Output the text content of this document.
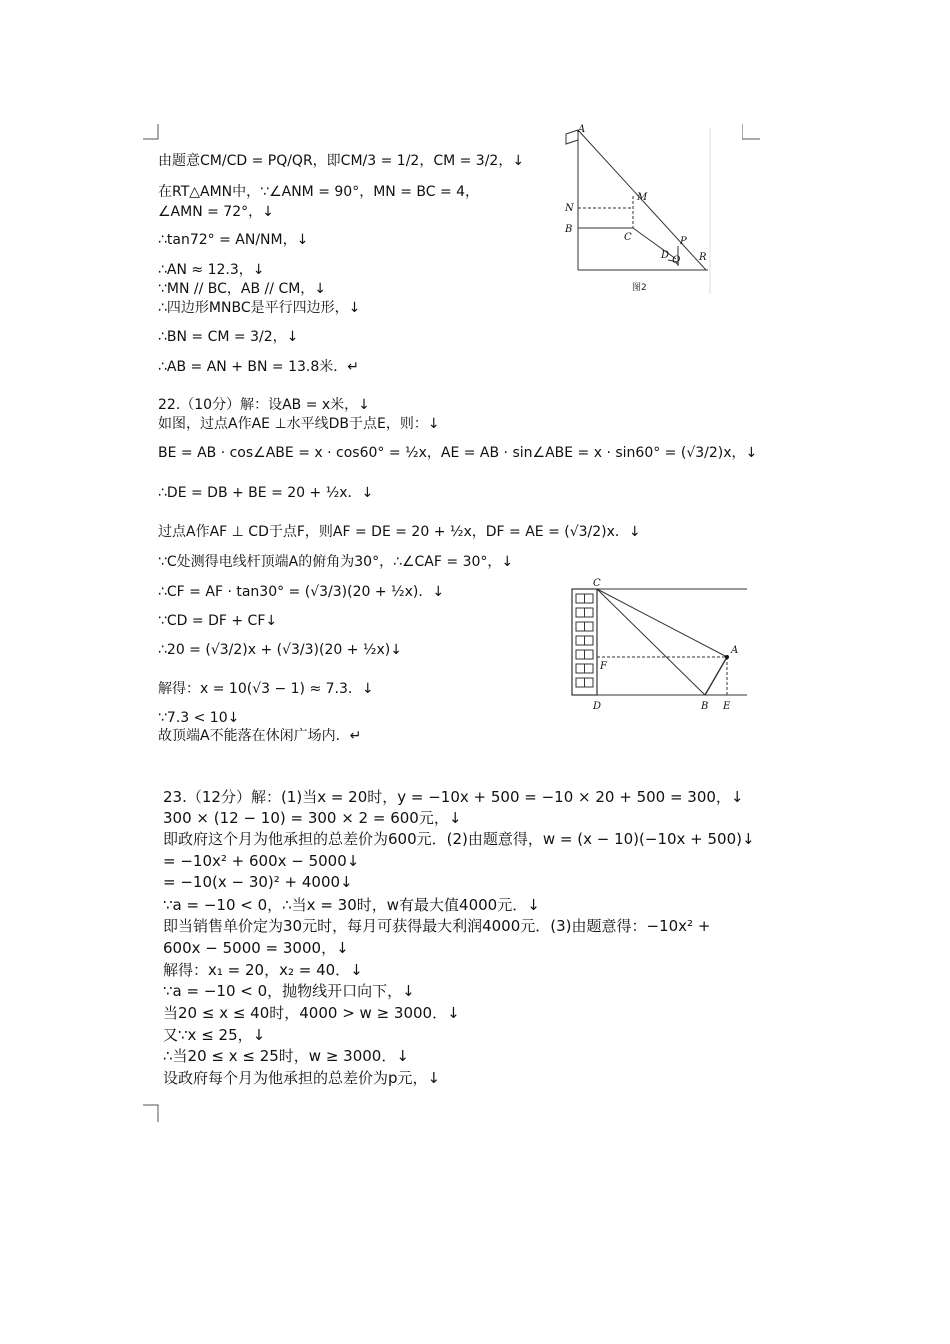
由题意CM/CD = PQ/QR，即CM/3 = 1/2，CM = 3/2，↓
在RT△AMN中，∵∠ANM = 90°，MN = BC = 4，
∠AMN = 72°，↓
∴tan72° = AN/NM，↓
∴AN ≈ 12.3，↓
∵MN // BC，AB // CM，↓
∴四边形MNBC是平行四边形，↓
∴BN = CM = 3/2，↓
∴AB = AN + BN = 13.8米．↵
22.（10分）解：设AB = x米，↓
如图，过点A作AE ⊥水平线DB于点E，则：↓
BE = AB · cos∠ABE = x · cos60° = ½x，AE = AB · sin∠ABE = x · sin60° = (√3/2)x，↓
∴DE = DB + BE = 20 + ½x．↓
过点A作AF ⊥ CD于点F，则AF = DE = 20 + ½x，DF = AE = (√3/2)x．↓
∵C处测得电线杆顶端A的俯角为30°，∴∠CAF = 30°，↓
∴CF = AF · tan30° = (√3/3)(20 + ½x)．↓
∵CD = DF + CF↓
∴20 = (√3/2)x + (√3/3)(20 + ½x)↓
解得：x = 10(√3 − 1) ≈ 7.3．↓
∵7.3 < 10↓
故顶端A不能落在休闲广场内．↵
23.（12分）解：(1)当x = 20时，y = −10x + 500 = −10 × 20 + 500 = 300，↓
300 × (12 − 10) = 300 × 2 = 600元，↓
即政府这个月为他承担的总差价为600元．(2)由题意得，w = (x − 10)(−10x + 500)↓
= −10x² + 600x − 5000↓
= −10(x − 30)² + 4000↓
∵a = −10 < 0，∴当x = 30时，w有最大值4000元．↓
即当销售单价定为30元时，每月可获得最大利润4000元．(3)由题意得：−10x² +
600x − 5000 = 3000，↓
解得：x₁ = 20，x₂ = 40．↓
∵a = −10 < 0，抛物线开口向下，↓
当20 ≤ x ≤ 40时，4000 > w ≥ 3000．↓
又∵x ≤ 25，↓
∴当20 ≤ x ≤ 25时，w ≥ 3000．↓
设政府每个月为他承担的总差价为p元，↓
A
M
N
B
C
D
P
Q R
图2
C
A
F
D	B E
